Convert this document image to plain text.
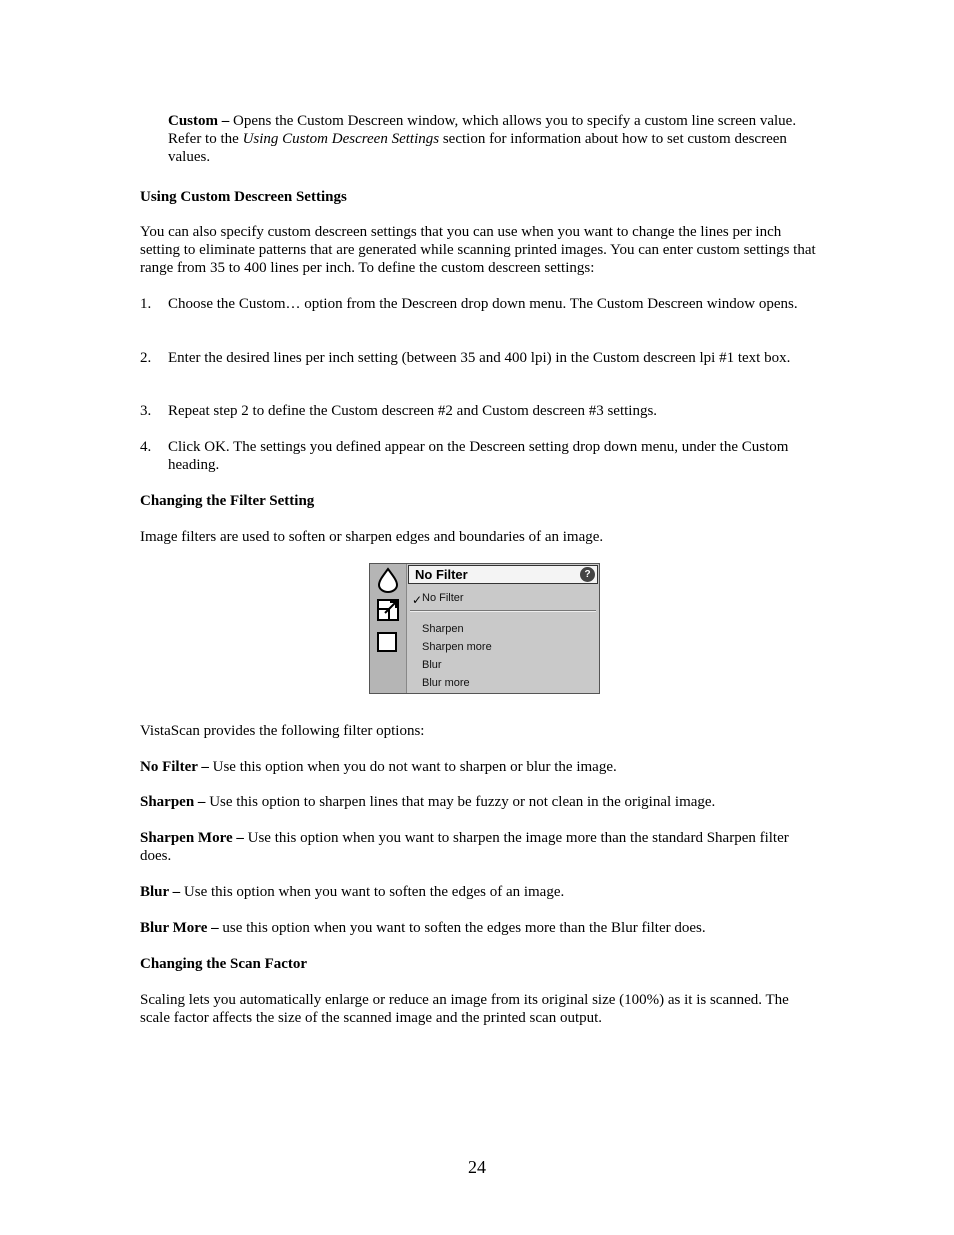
Custom – Opens the Custom Descreen window, which allows you to specify a custom line screen value. Refer to the Using Custom Descreen Settings section for information about how to set custom descreen values.

Using Custom Descreen Settings

You can also specify custom descreen settings that you can use when you want to change the lines per inch setting to eliminate patterns that are generated while scanning printed images. You can enter custom settings that range from 35 to 400 lines per inch. To define the custom descreen settings:

1. Choose the Custom… option from the Descreen drop down menu. The Custom Descreen window opens.
2. Enter the desired lines per inch setting (between 35 and 400 lpi) in the Custom descreen lpi #1 text box.
3. Repeat step 2 to define the Custom descreen #2 and Custom descreen #3 settings.
4. Click OK. The settings you defined appear on the Descreen setting drop down menu, under the Custom heading.

Changing the Filter Setting

Image filters are used to soften or sharpen edges and boundaries of an image.

No Filter	?
✓ No Filter
Sharpen
Sharpen more
Blur
Blur more

VistaScan provides the following filter options:

No Filter – Use this option when you do not want to sharpen or blur the image.

Sharpen – Use this option to sharpen lines that may be fuzzy or not clean in the original image.

Sharpen More – Use this option when you want to sharpen the image more than the standard Sharpen filter does.

Blur – Use this option when you want to soften the edges of an image.

Blur More – use this option when you want to soften the edges more than the Blur filter does.

Changing the Scan Factor

Scaling lets you automatically enlarge or reduce an image from its original size (100%) as it is scanned. The scale factor affects the size of the scanned image and the printed scan output.

24
